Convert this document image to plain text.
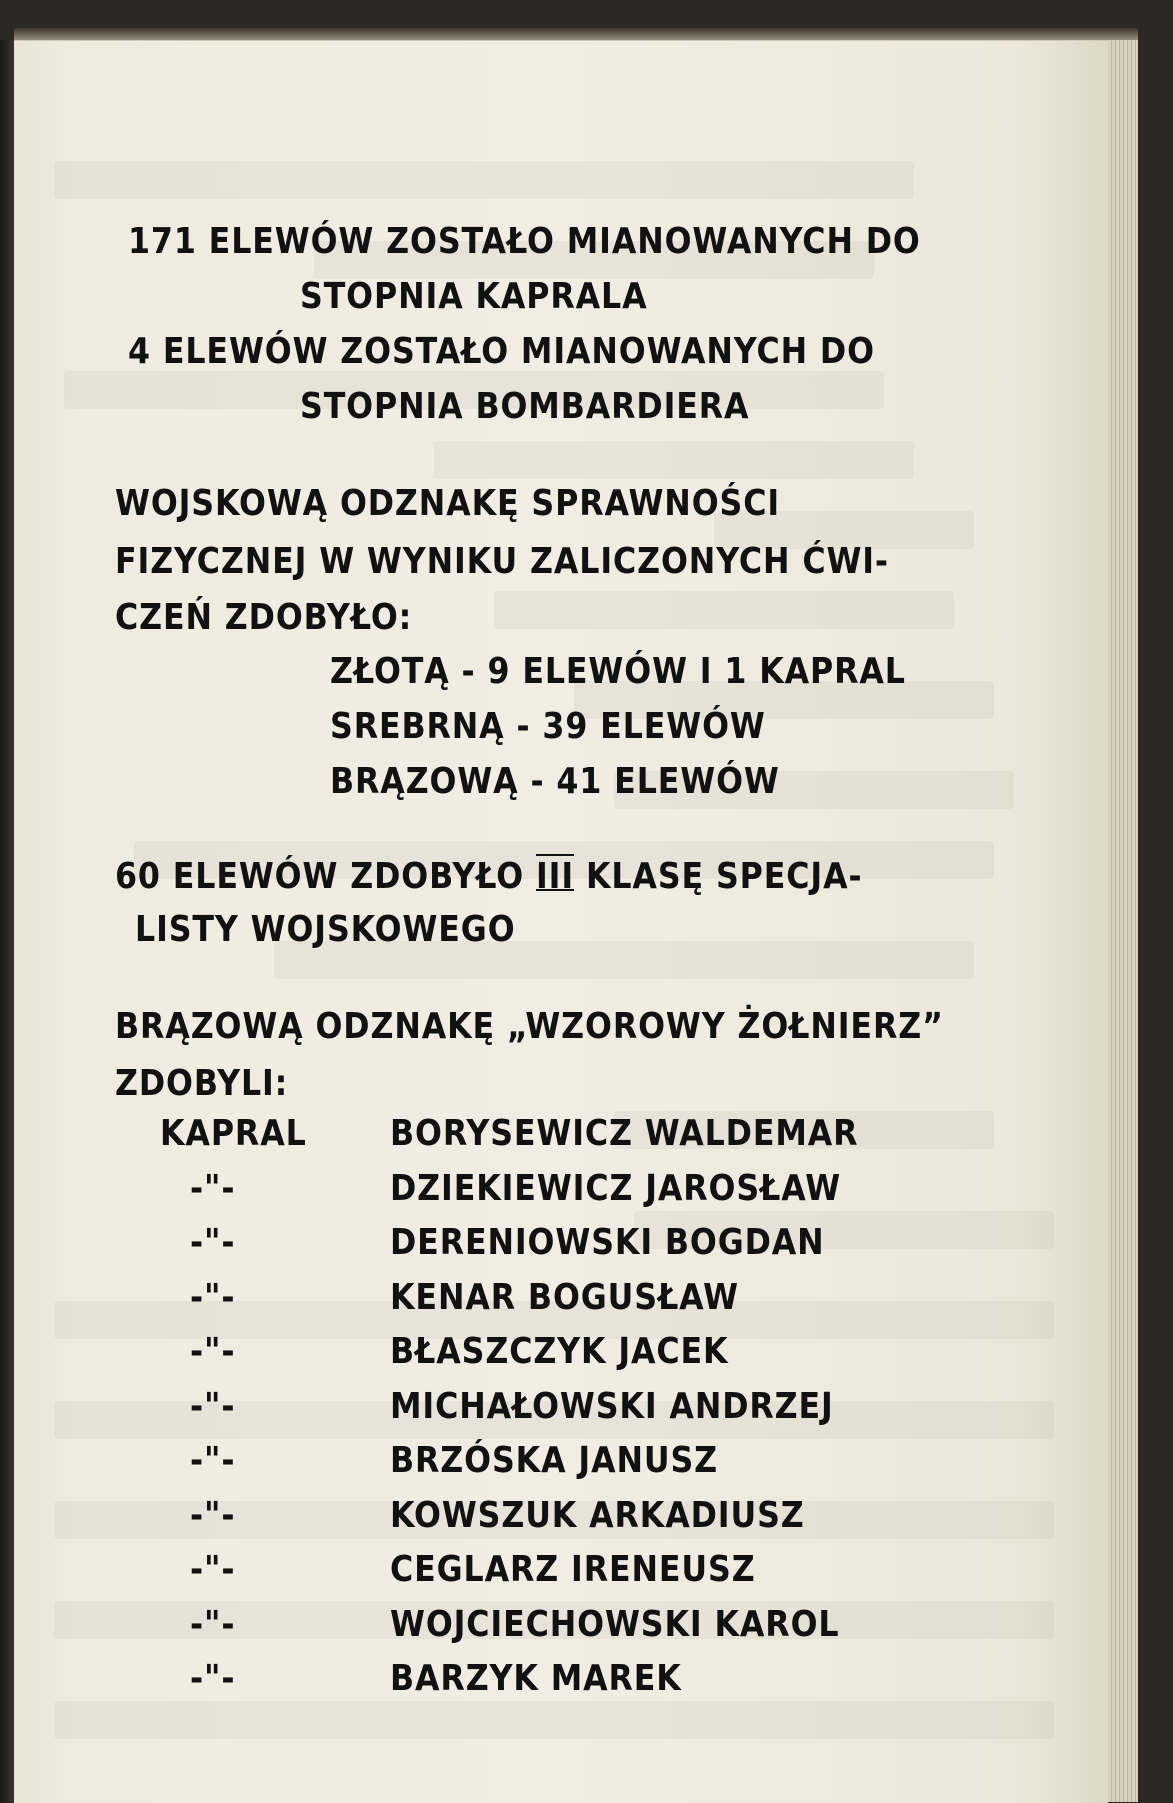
171 ELEWÓW ZOSTAŁO MIANOWANYCH DO
STOPNIA KAPRALA
4 ELEWÓW ZOSTAŁO MIANOWANYCH DO
STOPNIA BOMBARDIERA
WOJSKOWĄ ODZNAKĘ SPRAWNOŚCI
FIZYCZNEJ W WYNIKU ZALICZONYCH ĆWI-
CZEŃ ZDOBYŁO:
ZŁOTĄ - 9 ELEWÓW I 1 KAPRAL
SREBRNĄ - 39 ELEWÓW
BRĄZOWĄ - 41 ELEWÓW
60 ELEWÓW ZDOBYŁO III KLASĘ SPECJA-
LISTY WOJSKOWEGO
BRĄZOWĄ ODZNAKĘ „WZOROWY ŻOŁNIERZ”
ZDOBYLI:
KAPRAL BORYSEWICZ WALDEMAR
-"-	DZIEKIEWICZ JAROSŁAW
-"-	DERENIOWSKI BOGDAN
-"-	KENAR BOGUSŁAW
-"-	BŁASZCZYK JACEK
-"-	MICHAŁOWSKI ANDRZEJ
-"-	BRZÓSKA JANUSZ
-"-	KOWSZUK ARKADIUSZ
-"-	CEGLARZ IRENEUSZ
-"-	WOJCIECHOWSKI KAROL
-"-	BARZYK MAREK
